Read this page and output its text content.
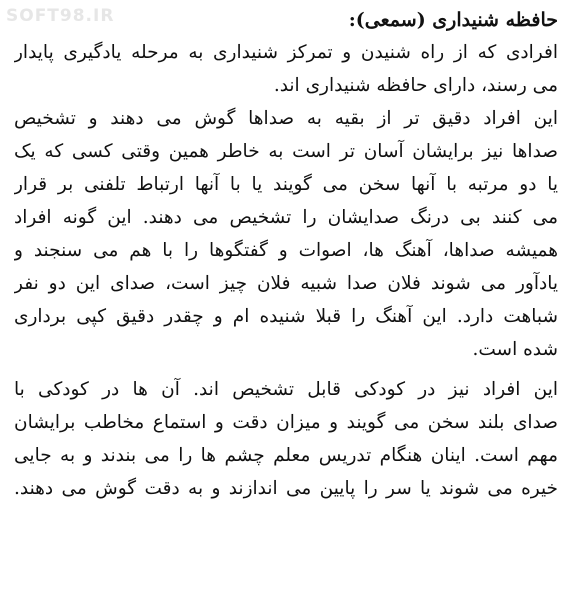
SOFT98.IR	حافظه شنیداری (سمعی):
افرادی که از راه شنیدن و تمرکز شنیداری به مرحله یادگیری پایدار
می رسند، دارای حافظه شنیداری اند.
این افراد دقیق تر از بقیه به صداها گوش می دهند و تشخیص
صداها نیز برایشان آسان تر است به خاطر همین وقتی کسی که یک
یا دو مرتبه با آنها سخن می گویند یا با آنها ارتباط تلفنی بر قرار
می کنند بی درنگ صدایشان را تشخیص می دهند. این گونه افراد
همیشه صداها، آهنگ ها، اصوات و گفتگوها را با هم می سنجند و
یادآور می شوند فلان صدا شبیه فلان چیز است، صدای این دو نفر
شباهت دارد. این آهنگ را قبلا شنیده ام و چقدر دقیق کپی برداری
شده است.
این افراد نیز در کودکی قابل تشخیص اند. آن ها در کودکی با
صدای بلند سخن می گویند و میزان دقت و استماع مخاطب برایشان
مهم است. اینان هنگام تدریس معلم چشم ها را می بندند و به جایی
خیره می شوند یا سر را پایین می اندازند و به دقت گوش می دهند.
